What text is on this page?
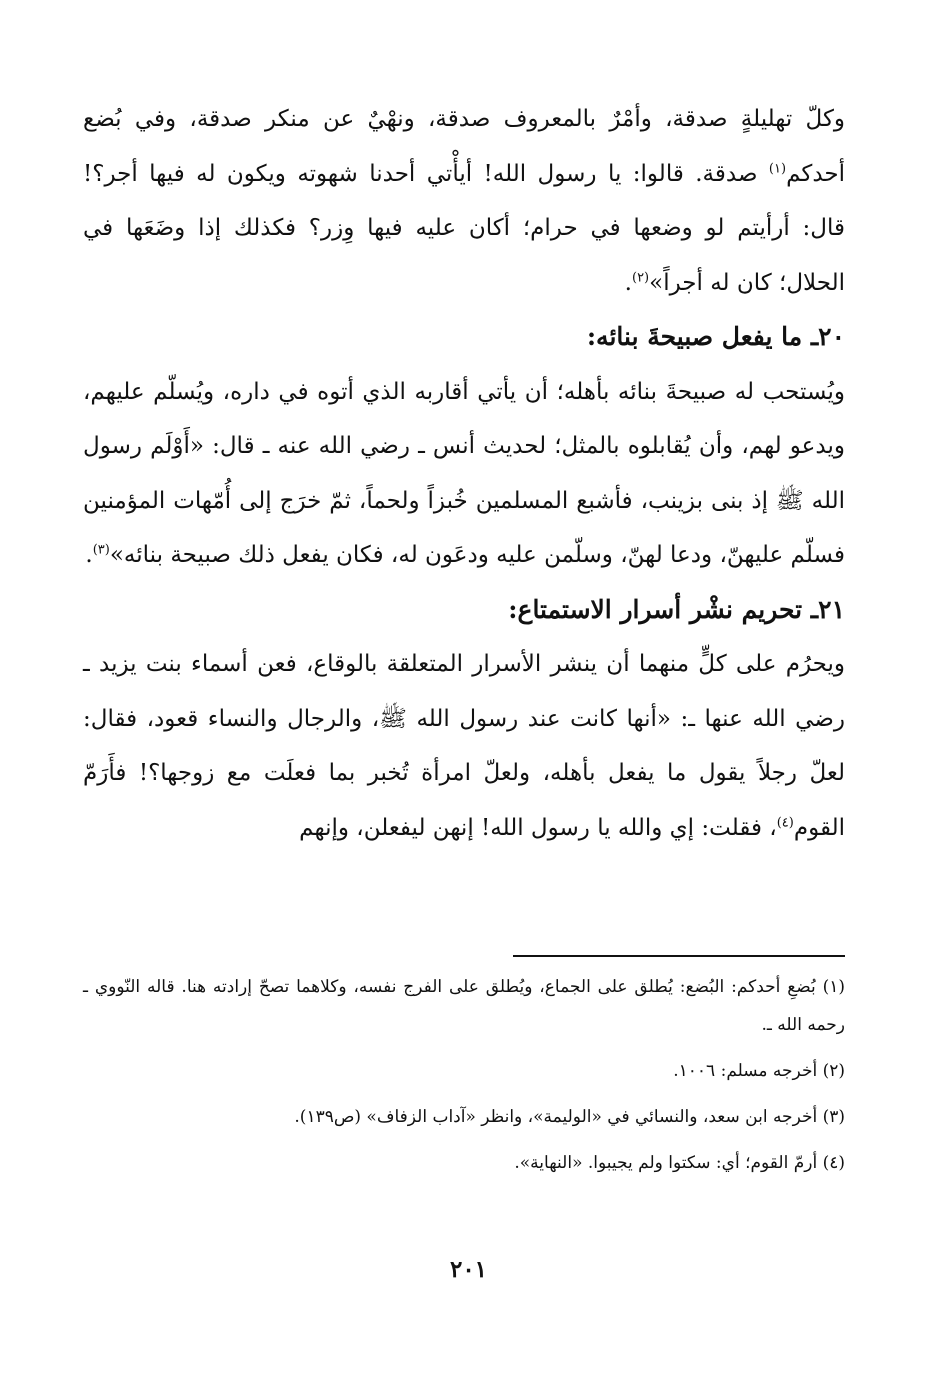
وكلّ تهليلةٍ صدقة، وأمْرٌ بالمعروف صدقة، ونهْيٌ عن منكر صدقة، وفي بُضع أحدكم$^{(١)}$ صدقة. قالوا: يا رسول الله! أيأْتي أحدنا شهوته ويكون له فيها أجر؟! قال: أرأيتم لو وضعها في حرام؛ أكان عليه فيها وِزر؟ فكذلك إذا وضَعَها في الحلال؛ كان له أجراً»$^{(٢)}$.

٢٠ـ ما يفعل صبيحةَ بنائه:

ويُستحب له صبيحةَ بنائه بأهله؛ أن يأتي أقاربه الذي أتوه في داره، ويُسلّم عليهم، ويدعو لهم، وأن يُقابلوه بالمثل؛ لحديث أنس ـ رضي الله عنه ـ قال: «أَوْلَم رسول الله ﷺ إذ بنى بزينب، فأشبع المسلمين خُبزاً ولحماً، ثمّ خرَج إلى أُمّهات المؤمنين فسلّم عليهنّ، ودعا لهنّ، وسلّمن عليه ودعَون له، فكان يفعل ذلك صبيحة بنائه»$^{(٣)}$.

٢١ـ تحريم نشْر أسرار الاستمتاع:

ويحرُم على كلٍّ منهما أن ينشر الأسرار المتعلقة بالوقاع، فعن أسماء بنت يزيد ـ رضي الله عنها ـ: «أنها كانت عند رسول الله ﷺ، والرجال والنساء قعود، فقال: لعلّ رجلاً يقول ما يفعل بأهله، ولعلّ امرأة تُخبر بما فعلَت مع زوجها؟! فأَرَمّ القوم$^{(٤)}$، فقلت: إي والله يا رسول الله! إنهن ليفعلن، وإنهم

(١) بُضعِ أحدكم: البُضع: يُطلق على الجماع، ويُطلق على الفرج نفسه، وكلاهما تصحّ إرادته هنا. قاله النّووي ـ رحمه الله ـ.

(٢) أخرجه مسلم: ١٠٠٦.

(٣) أخرجه ابن سعد، والنسائي في «الوليمة»، وانظر «آداب الزفاف» (ص١٣٩).

(٤) أرمّ القوم؛ أي: سكتوا ولم يجيبوا. «النهاية».

٢٠١
